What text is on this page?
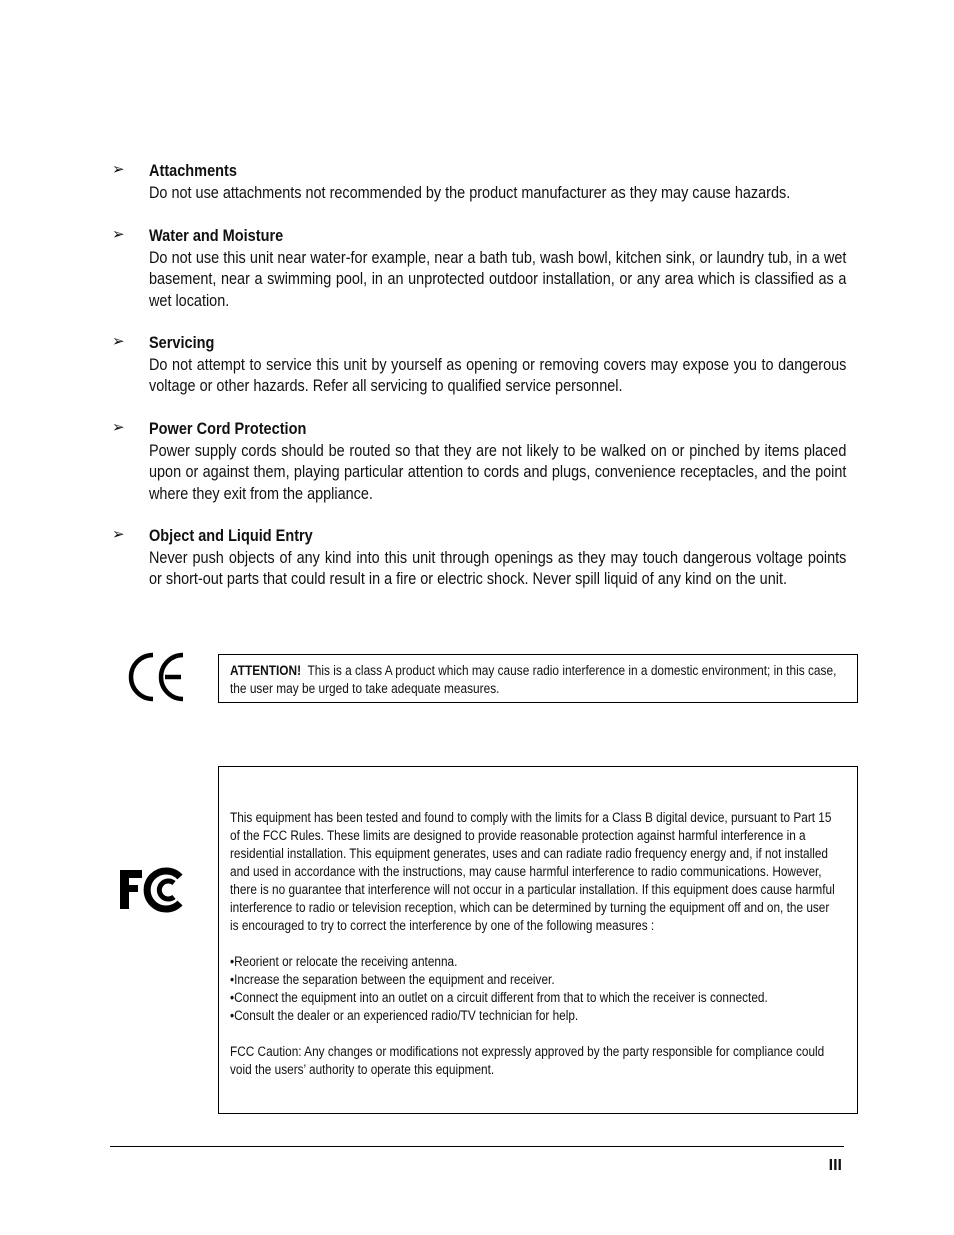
➢ Attachments
Do not use attachments not recommended by the product manufacturer as they may cause hazards.
➢ Water and Moisture
Do not use this unit near water-for example, near a bath tub, wash bowl, kitchen sink, or laundry tub, in a wet basement, near a swimming pool, in an unprotected outdoor installation, or any area which is classified as a wet location.
➢ Servicing
Do not attempt to service this unit by yourself as opening or removing covers may expose you to dangerous voltage or other hazards. Refer all servicing to qualified service personnel.
➢ Power Cord Protection
Power supply cords should be routed so that they are not likely to be walked on or pinched by items placed upon or against them, playing particular attention to cords and plugs, convenience receptacles, and the point where they exit from the appliance.
➢ Object and Liquid Entry
Never push objects of any kind into this unit through openings as they may touch dangerous voltage points or short-out parts that could result in a fire or electric shock. Never spill liquid of any kind on the unit.
ATTENTION! This is a class A product which may cause radio interference in a domestic environment; in this case, the user may be urged to take adequate measures.

This equipment has been tested and found to comply with the limits for a Class B digital device, pursuant to Part 15 of the FCC Rules. These limits are designed to provide reasonable protection against harmful interference in a residential installation. This equipment generates, uses and can radiate radio frequency energy and, if not installed and used in accordance with the instructions, may cause harmful interference to radio communications. However, there is no guarantee that interference will not occur in a particular installation. If this equipment does cause harmful interference to radio or television reception, which can be determined by turning the equipment off and on, the user is encouraged to try to correct the interference by one of the following measures :

•Reorient or relocate the receiving antenna.
•Increase the separation between the equipment and receiver.
•Connect the equipment into an outlet on a circuit different from that to which the receiver is connected.
•Consult the dealer or an experienced radio/TV technician for help.

FCC Caution: Any changes or modifications not expressly approved by the party responsible for compliance could void the users’ authority to operate this equipment.

III
